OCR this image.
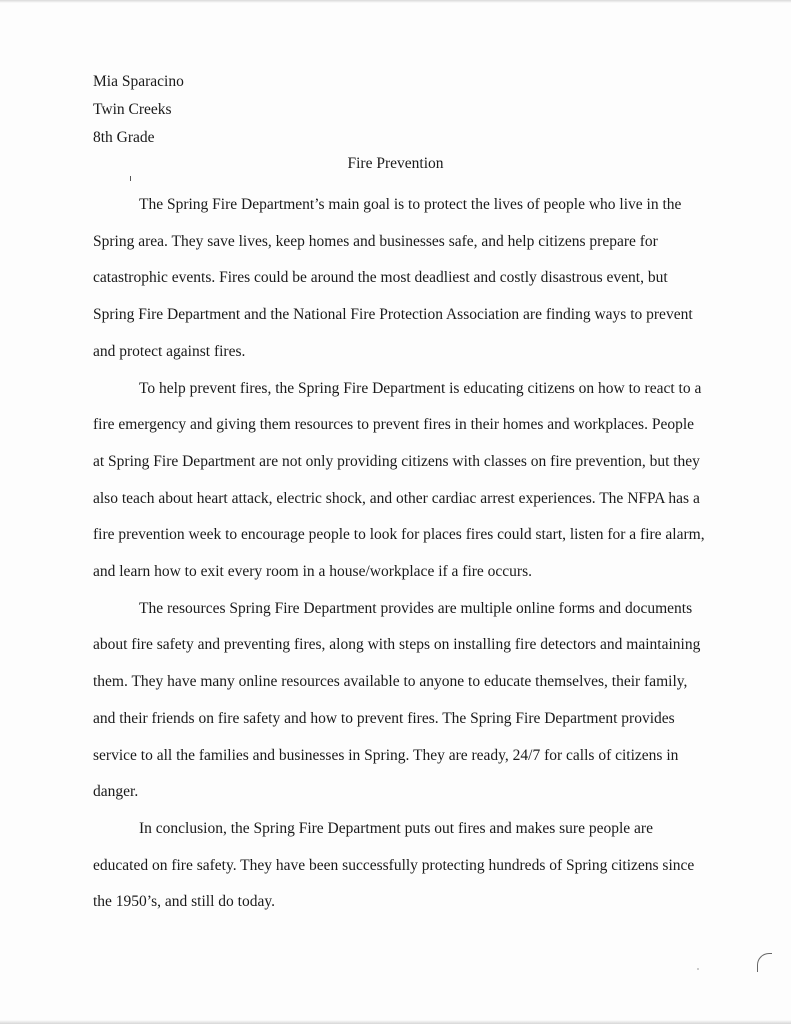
Mia Sparacino
Twin Creeks
8th Grade
Fire Prevention

The Spring Fire Department’s main goal is to protect the lives of people who live in the Spring area. They save lives, keep homes and businesses safe, and help citizens prepare for catastrophic events. Fires could be around the most deadliest and costly disastrous event, but Spring Fire Department and the National Fire Protection Association are finding ways to prevent and protect against fires.

To help prevent fires, the Spring Fire Department is educating citizens on how to react to a fire emergency and giving them resources to prevent fires in their homes and workplaces. People at Spring Fire Department are not only providing citizens with classes on fire prevention, but they also teach about heart attack, electric shock, and other cardiac arrest experiences. The NFPA has a fire prevention week to encourage people to look for places fires could start, listen for a fire alarm, and learn how to exit every room in a house/workplace if a fire occurs.

The resources Spring Fire Department provides are multiple online forms and documents about fire safety and preventing fires, along with steps on installing fire detectors and maintaining them. They have many online resources available to anyone to educate themselves, their family, and their friends on fire safety and how to prevent fires. The Spring Fire Department provides service to all the families and businesses in Spring. They are ready, 24/7 for calls of citizens in danger.

In conclusion, the Spring Fire Department puts out fires and makes sure people are educated on fire safety. They have been successfully protecting hundreds of Spring citizens since the 1950’s, and still do today.
